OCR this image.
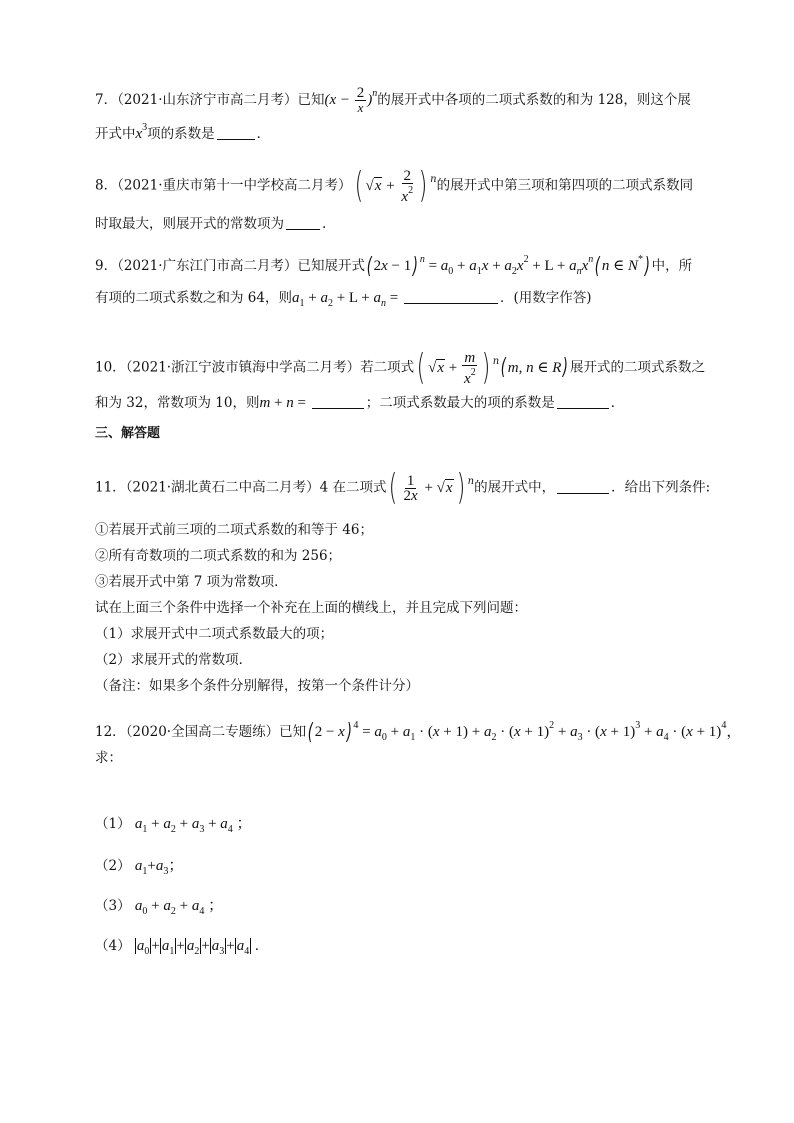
7．（2021·山东济宁市高二月考）已知$(x - \frac{2}{x} )^n$的展开式中各项的二项式系数的和为 128，则这个展
开式中$x^3$项的系数是	．
8．（2021·重庆市第十一中学校高二月考）( $√x + \frac{2}{x^2}$ ) $^n$的展开式中第三项和第四项的二项式系数同
时取最大，则展开式的常数项为	.
9．（2021·广东江门市高二月考）已知展开式( 2x − 1) $^n = a_0 + a_1x + a_2x^2 + L + a_nx^n$( n ∈ N*) 中，所
有项的二项式系数之和为 64，则$a_1 + a_2 + L + a_n$ =	．(用数字作答)
10．（2021·浙江宁波市镇海中学高二月考）若二项式( $√x + \frac{m}{x^2}$ ) $^n$( m, n ∈ R) 展开式的二项式系数之
和为 32，常数项为 10，则m + n =	；二项式系数最大的项的系数是	．
三、解答题
11．（2021·湖北黄石二中高二月考）4 在二项式( $\frac{1}{2x} + √x$ ) $^n$的展开式中，	．给出下列条件:
①若展开式前三项的二项式系数的和等于 46；
②所有奇数项的二项式系数的和为 256；
③若展开式中第 7 项为常数项．
试在上面三个条件中选择一个补充在上面的横线上，并且完成下列问题：
（1）求展开式中二项式系数最大的项；
（2）求展开式的常数项．
（备注：如果多个条件分别解得，按第一个条件计分）
12．（2020·全国高二专题练）已知( 2 − x) $^4 = a_0 + a_1 \cdot (x + 1) + a_2 \cdot (x + 1)^2 + a_3 \cdot (x + 1)^3 + a_4 \cdot (x + 1)^4$，
求：
（1） $a_1 + a_2 + a_3 + a_4$ ；
（2） $a_1+a_3$；
（3） $a_0 + a_2 + a_4$ ；
（4） $a_0 + a_1 + a_2 + a_3 + a_4$ .
